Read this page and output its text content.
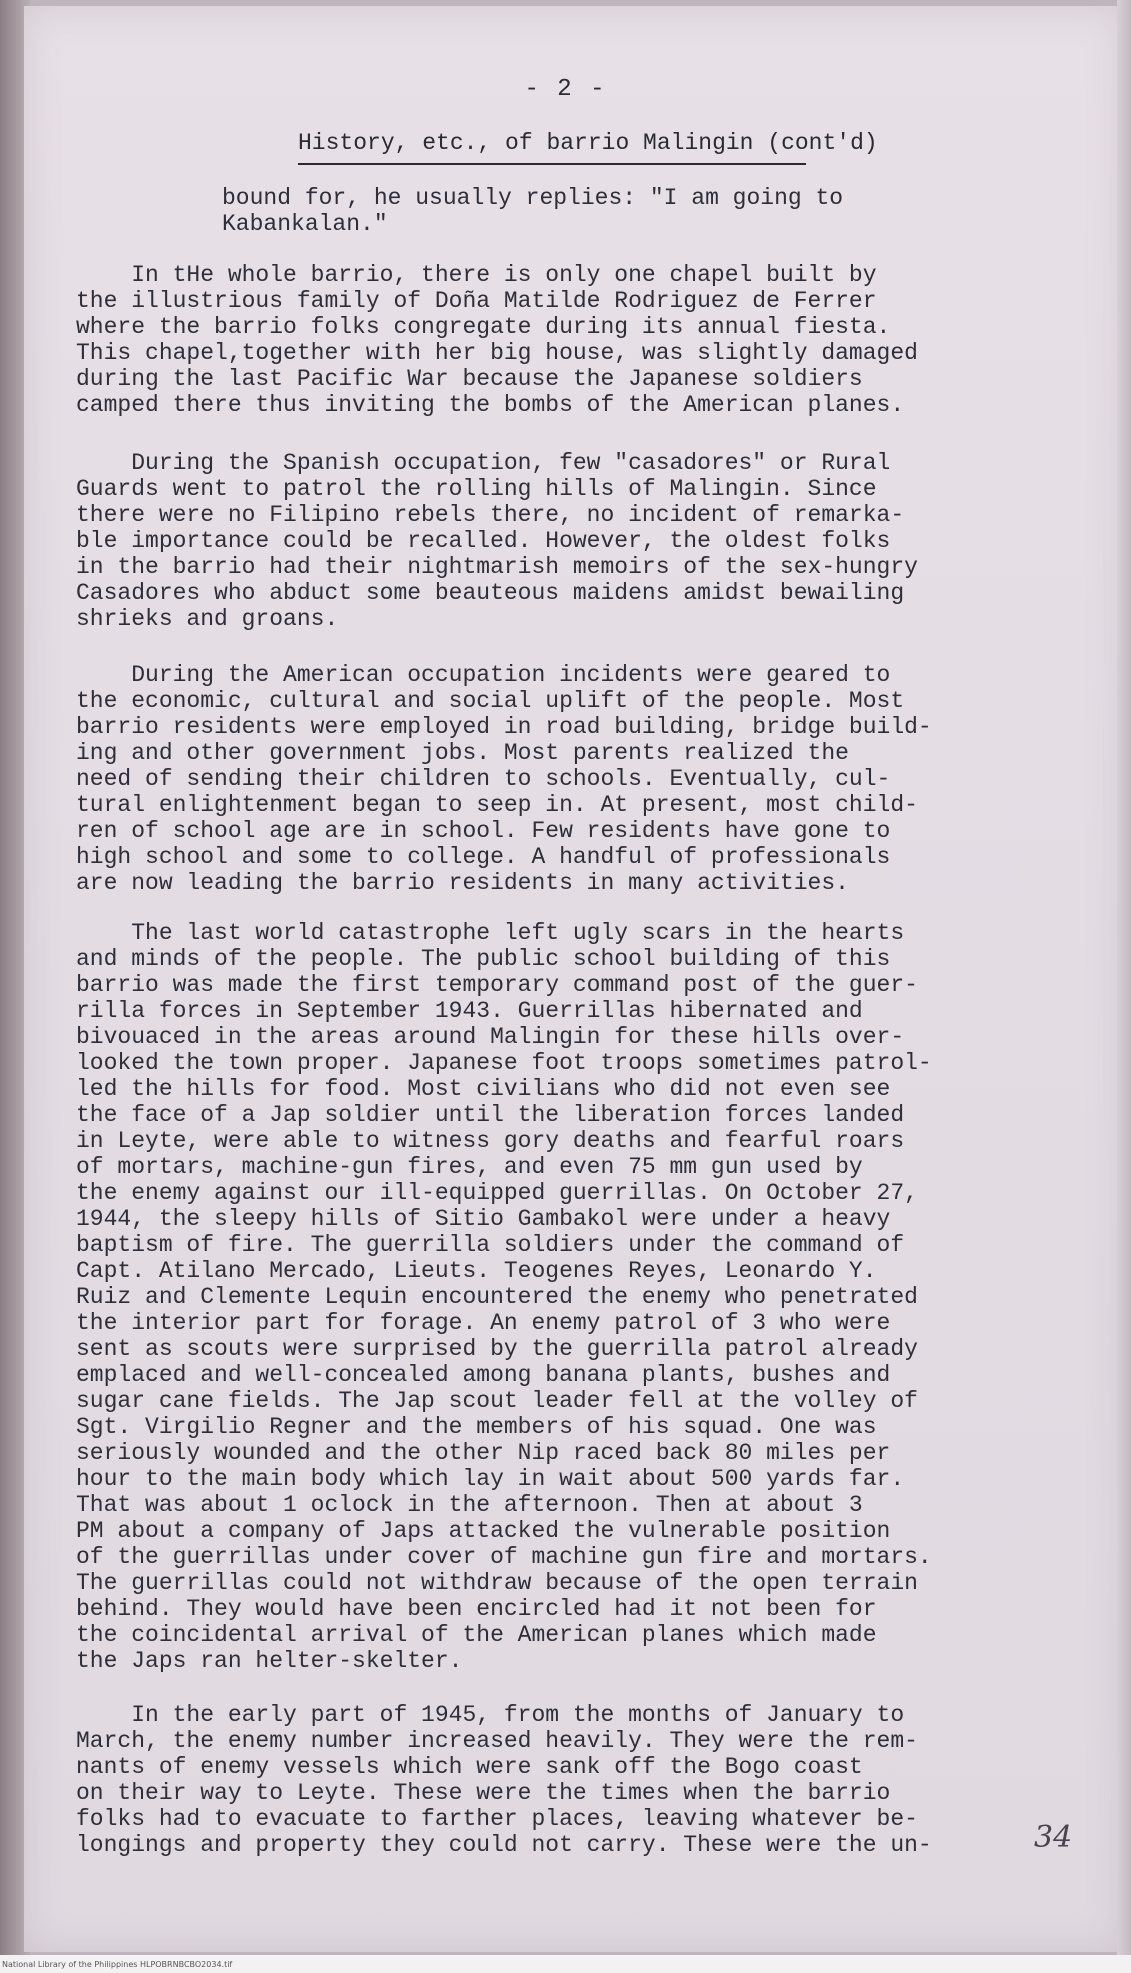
- 2 -
History, etc., of barrio Malingin (cont'd)

bound for, he usually replies: "I am going to
Kabankalan."

In tHe whole barrio, there is only one chapel built by
the illustrious family of Doña Matilde Rodriguez de Ferrer
where the barrio folks congregate during its annual fiesta.
This chapel,together with her big house, was slightly damaged
during the last Pacific War because the Japanese soldiers
camped there thus inviting the bombs of the American planes.

During the Spanish occupation, few "casadores" or Rural
Guards went to patrol the rolling hills of Malingin. Since
there were no Filipino rebels there, no incident of remarka-
ble importance could be recalled. However, the oldest folks
in the barrio had their nightmarish memoirs of the sex-hungry
Casadores who abduct some beauteous maidens amidst bewailing
shrieks and groans.

During the American occupation incidents were geared to
the economic, cultural and social uplift of the people. Most
barrio residents were employed in road building, bridge build-
ing and other government jobs. Most parents realized the
need of sending their children to schools. Eventually, cul-
tural enlightenment began to seep in. At present, most child-
ren of school age are in school. Few residents have gone to
high school and some to college. A handful of professionals
are now leading the barrio residents in many activities.

The last world catastrophe left ugly scars in the hearts
and minds of the people. The public school building of this
barrio was made the first temporary command post of the guer-
rilla forces in September 1943. Guerrillas hibernated and
bivouaced in the areas around Malingin for these hills over-
looked the town proper. Japanese foot troops sometimes patrol-
led the hills for food. Most civilians who did not even see
the face of a Jap soldier until the liberation forces landed
in Leyte, were able to witness gory deaths and fearful roars
of mortars, machine-gun fires, and even 75 mm gun used by
the enemy against our ill-equipped guerrillas. On October 27,
1944, the sleepy hills of Sitio Gambakol were under a heavy
baptism of fire. The guerrilla soldiers under the command of
Capt. Atilano Mercado, Lieuts. Teogenes Reyes, Leonardo Y.
Ruiz and Clemente Lequin encountered the enemy who penetrated
the interior part for forage. An enemy patrol of 3 who were
sent as scouts were surprised by the guerrilla patrol already
emplaced and well-concealed among banana plants, bushes and
sugar cane fields. The Jap scout leader fell at the volley of
Sgt. Virgilio Regner and the members of his squad. One was
seriously wounded and the other Nip raced back 80 miles per
hour to the main body which lay in wait about 500 yards far.
That was about 1 oclock in the afternoon. Then at about 3
PM about a company of Japs attacked the vulnerable position
of the guerrillas under cover of machine gun fire and mortars.
The guerrillas could not withdraw because of the open terrain
behind. They would have been encircled had it not been for
the coincidental arrival of the American planes which made
the Japs ran helter-skelter.

In the early part of 1945, from the months of January to
March, the enemy number increased heavily. They were the rem-
nants of enemy vessels which were sank off the Bogo coast
on their way to Leyte. These were the times when the barrio
folks had to evacuate to farther places, leaving whatever be-
longings and property they could not carry. These were the un-	34
National Library of the Philippines HLPOBRNBCBO2034.tif
